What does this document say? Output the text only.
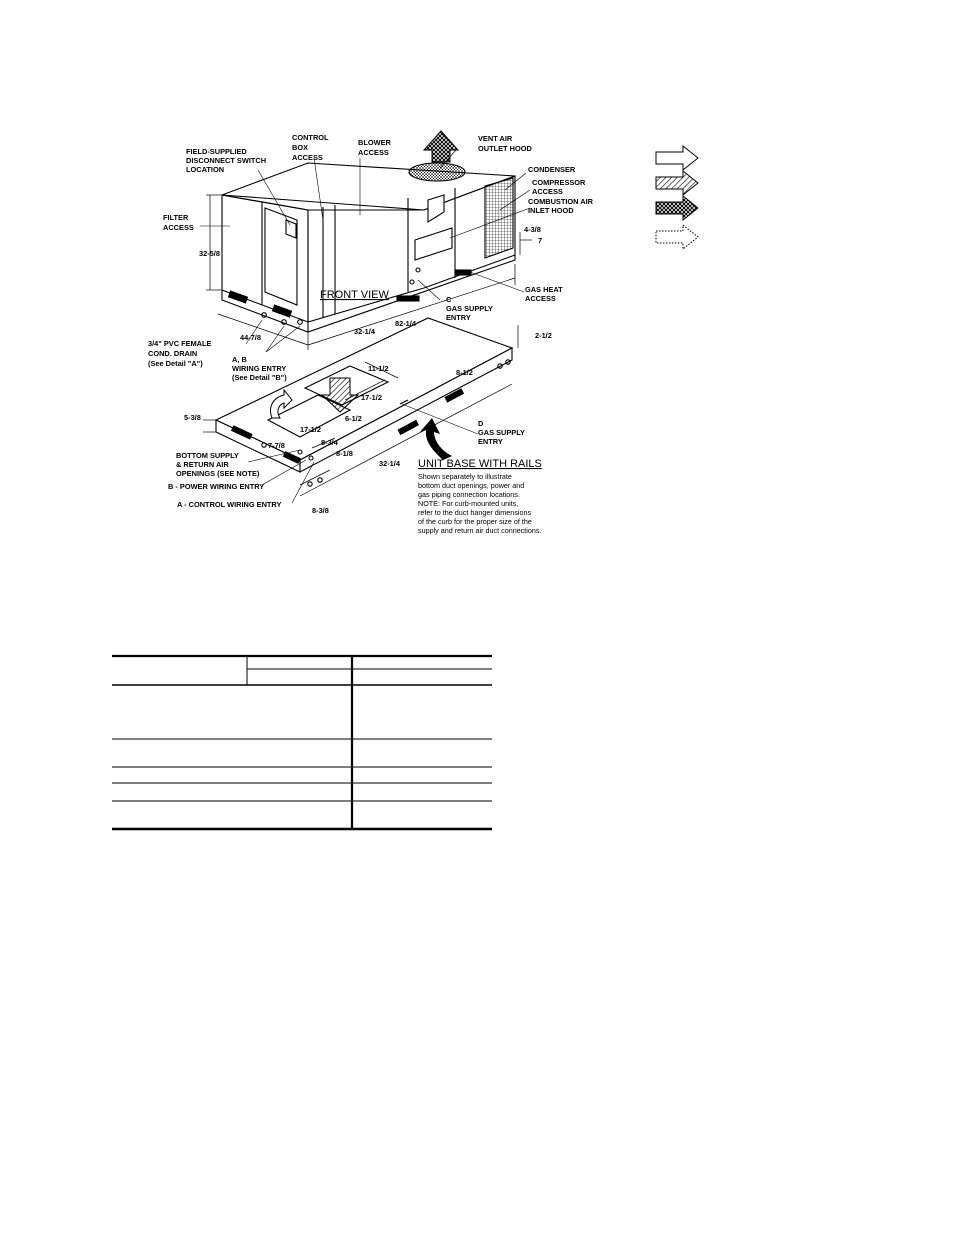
CONTROL BOX ACCESS
BLOWER ACCESS
VENT AIR OUTLET HOOD
FIELD-SUPPLIED DISCONNECT SWITCH LOCATION
FILTER ACCESS
CONDENSER
COMPRESSOR ACCESS
COMBUSTION AIR INLET HOOD
GAS HEAT ACCESS
C GAS SUPPLY ENTRY
FRONT VIEW
3/4" PVC FEMALE COND. DRAIN (See Detail "A")	A, B WIRING ENTRY (See Detail "B")
D GAS SUPPLY ENTRY
BOTTOM SUPPLY & RETURN AIR OPENINGS (SEE NOTE)
B - POWER WIRING ENTRY
A - CONTROL WIRING ENTRY
UNIT BASE WITH RAILS
Shown separately to illustrate bottom duct openings, power and gas piping connection locations. NOTE: For curb-mounted units, refer to the duct hanger dimensions of the curb for the proper size of the supply and return air duct connections.
32-5/8
4-3/8
7
44-7/8
32-1/4
82-1/4
2-1/2
11-1/2	8-1/2
17-1/2
17-1/2
6-1/2
5-3/8
7-7/8	8-3/4
8-1/8
32-1/4
8-3/8
